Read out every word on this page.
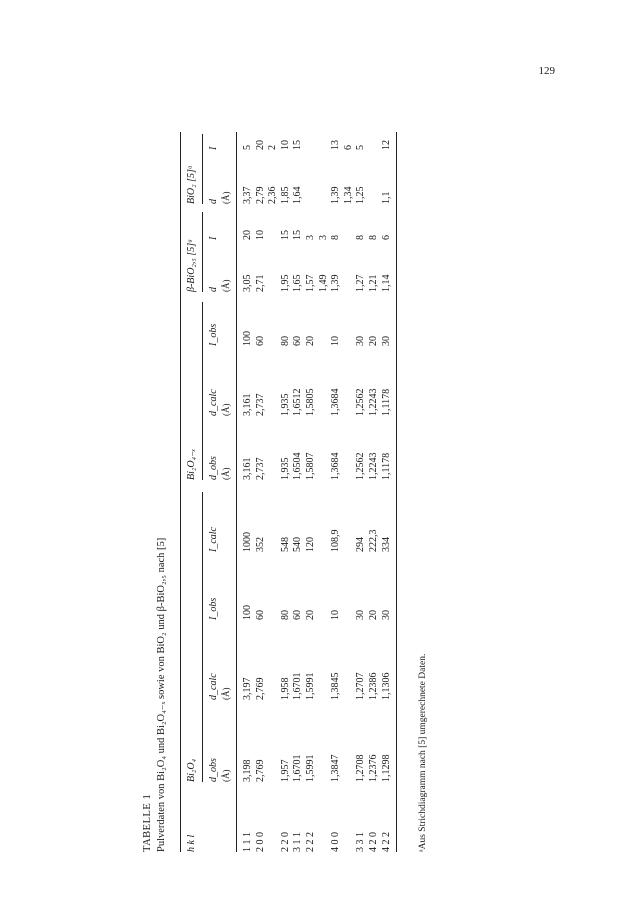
129
TABELLE 1 Pulverdaten von Bi₂O₄ und Bi₂O₄₋ₓ sowie von BiO₂ und β-BiO₂,₅ nach [5] h k l
Bi₂O₄
Bi₂O₄₋ₓ
β-BiO₂,₅ [5]ᵃ
BiO₂ [5]ᵃ
d_obs (Å)
d_calc (Å)
I_obs
I_calc
d_obs (Å)
d_calc (Å)
I_obs
d (Å)
I
d (Å)
I
1 1 1 2 0 0 2 2 0 3 1 1 2 2 2 4 0 0 3 3 1 4 2 0 4 2 2
3,198 2,769 1,957 1,6701 1,5991 1,3847 1,2708 1,2376 1,1298
3,197 2,769 1,958 1,6701 1,5991 1,3845 1,2707 1,2386 1,1306
100 60 80 60 20 10 30 20 30
1000 352 548 540 120 108,9 294 222,3 334
3,161 2,737 1,935 1,6504 1,5807 1,3684 1,2562 1,2243 1,1178
3,161 2,737 1,935 1,6512 1,5805 1,3684 1,2562 1,2243 1,1178
100 60 80 60 20 10 30 20 30
3,05 2,71 1,95 1,65 1,57 1,49 1,39 1,27 1,21 1,14
20 10 15 15 3 3 8 8 8 6
3,37 2,79 2,36 1,85 1,64	1,39 1,34 1,25 1,1
5 20 2 10 15	13 6 5 12
ᵃAus Strichdiagramm nach [5] umgerechnete Daten.
